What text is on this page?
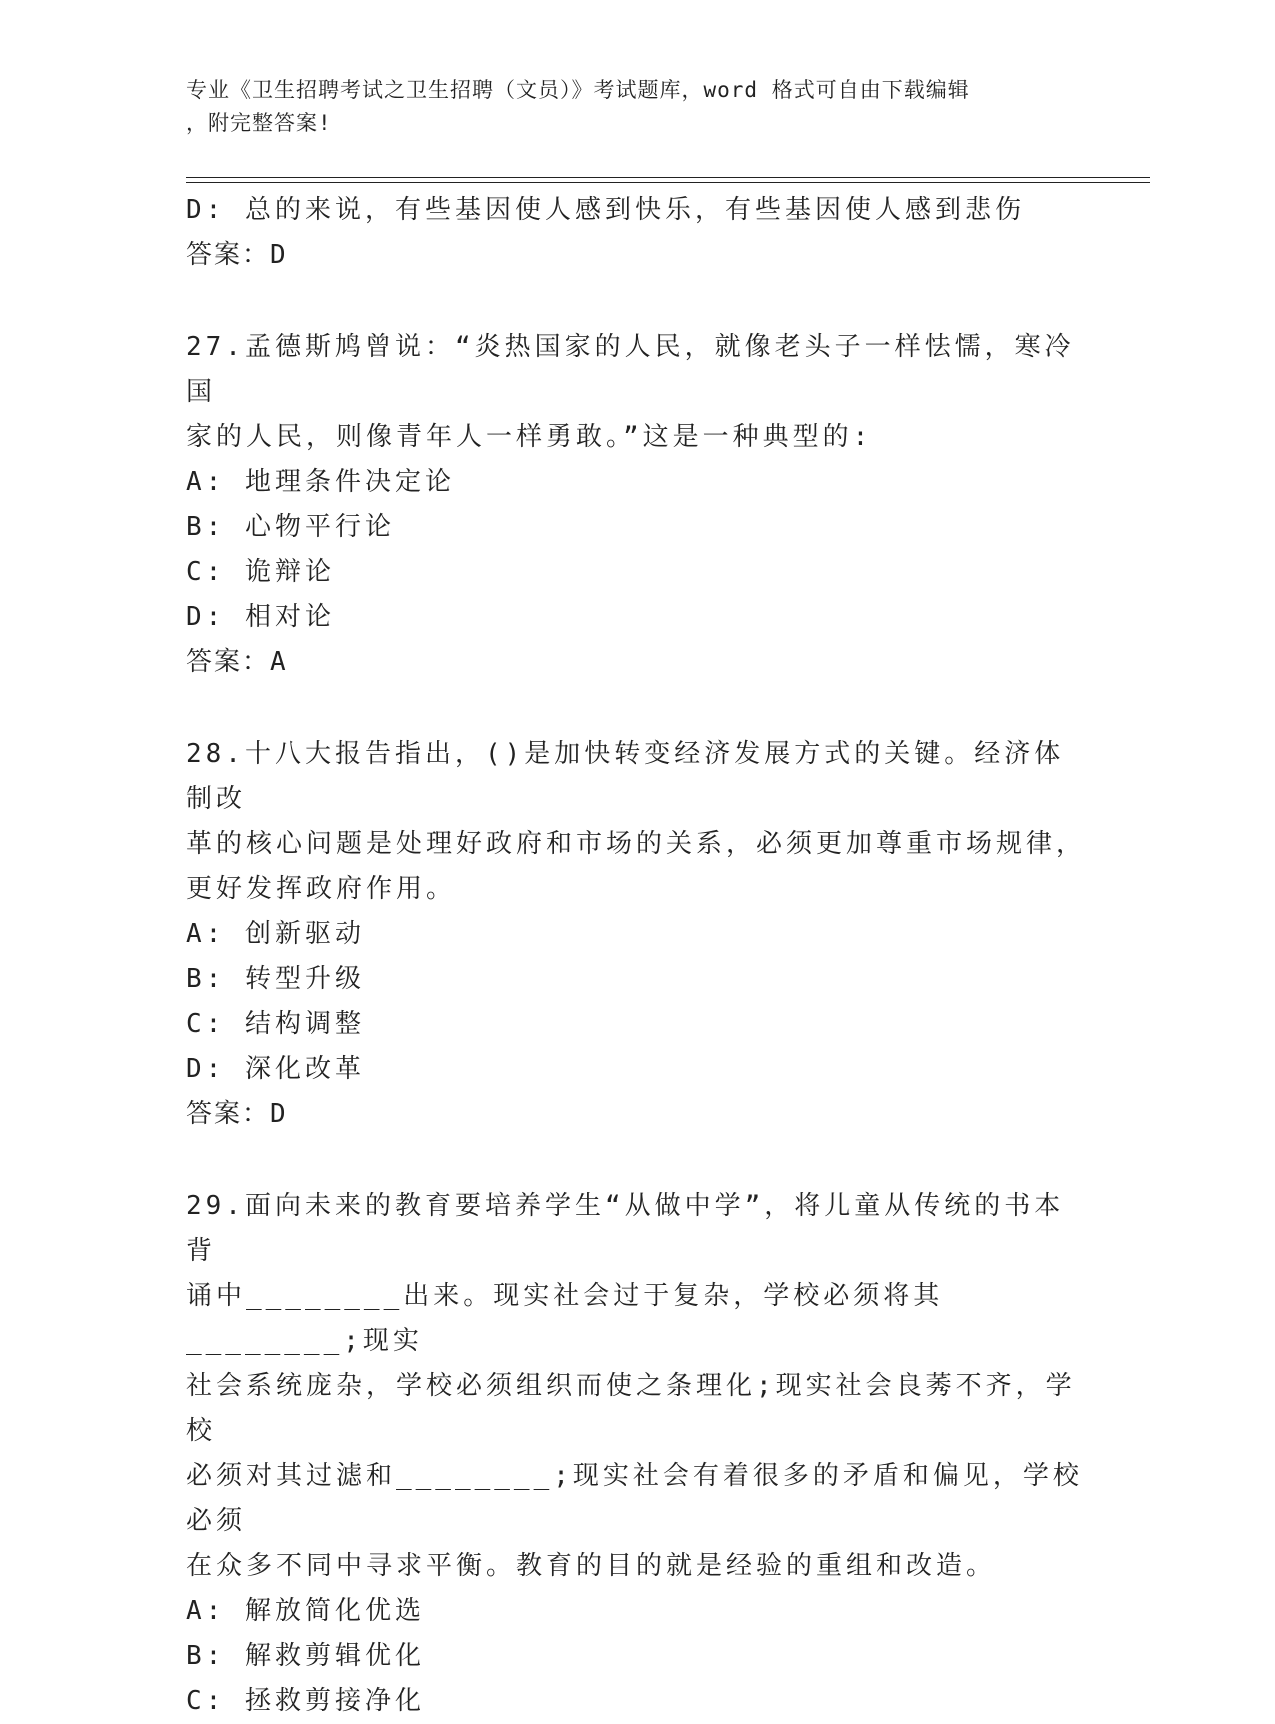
专业《卫生招聘考试之卫生招聘（文员）》考试题库，word 格式可自由下载编辑
，附完整答案!
D: 总的来说，有些基因使人感到快乐，有些基因使人感到悲伤
答案：D
27.孟德斯鸠曾说：“炎热国家的人民，就像老头子一样怯懦，寒冷国
家的人民，则像青年人一样勇敢。”这是一种典型的:
A: 地理条件决定论
B: 心物平行论
C: 诡辩论
D: 相对论
答案：A
28.十八大报告指出，()是加快转变经济发展方式的关键。经济体制改
革的核心问题是处理好政府和市场的关系，必须更加尊重市场规律，
更好发挥政府作用。
A: 创新驱动
B: 转型升级
C: 结构调整
D: 深化改革
答案：D
29.面向未来的教育要培养学生“从做中学”，将儿童从传统的书本背
诵中________出来。现实社会过于复杂，学校必须将其________;现实
社会系统庞杂，学校必须组织而使之条理化;现实社会良莠不齐，学校
必须对其过滤和________;现实社会有着很多的矛盾和偏见，学校必须
在众多不同中寻求平衡。教育的目的就是经验的重组和改造。
A: 解放简化优选
B: 解救剪辑优化
C: 拯救剪接净化
